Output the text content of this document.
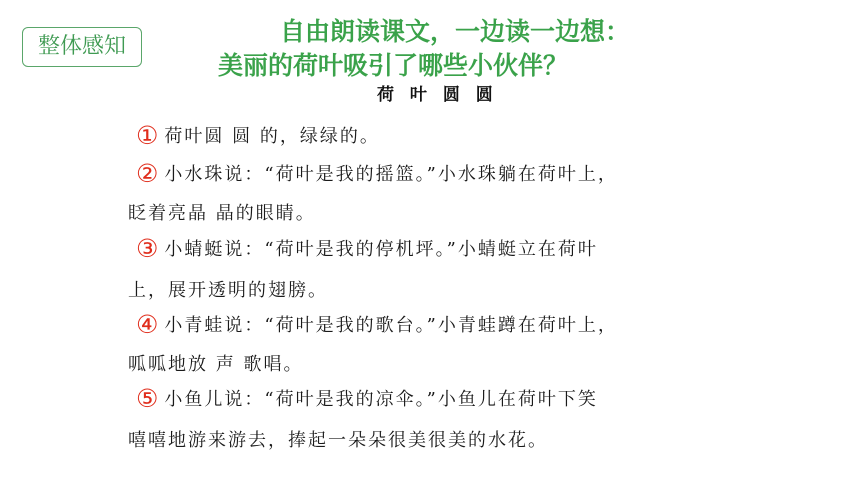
整体感知
自由朗读课文，一边读一边想：
美丽的荷叶吸引了哪些小伙伴？
荷 叶 圆 圆
① 荷叶圆 圆 的，绿绿的。
② 小水珠说：“荷叶是我的摇篮。”小水珠躺在荷叶上，
眨着亮晶 晶的眼睛。
③ 小蜻蜓说：“荷叶是我的停机坪。”小蜻蜓立在荷叶
上，展开透明的翅膀。
④ 小青蛙说：“荷叶是我的歌台。”小青蛙蹲在荷叶上，
呱呱地放 声 歌唱。
⑤ 小鱼儿说：“荷叶是我的凉伞。”小鱼儿在荷叶下笑
嘻嘻地游来游去，捧起一朵朵很美很美的水花。
